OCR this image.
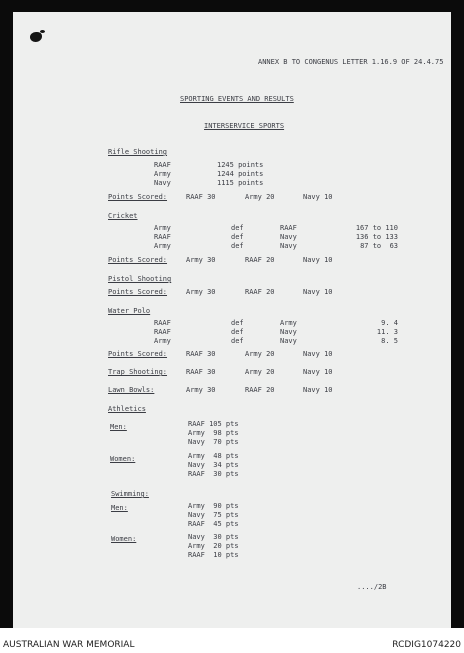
ANNEX B TO CONGENUS LETTER 1.16.9 OF 24.4.75
SPORTING EVENTS AND RESULTS
INTERSERVICE SPORTS
Rifle Shooting
RAAF	1245 points
Army	1244 points
Navy	1115 points
Points Scored:	RAAF 30	Army 20	Navy 10
Cricket
Army	def	RAAF	167 to 110
RAAF	def	Navy	136 to 133
Army	def	Navy	87 to  63
Points Scored:	Army 30	RAAF 20	Navy 10
Pistol Shooting
Points Scored:	Army 30	RAAF 20	Navy 10
Water Polo
RAAF	def	Army	9. 4
RAAF	def	Navy	11. 3
Army	def	Navy	8. 5
Points Scored:	RAAF 30	Army 20	Navy 10
Trap Shooting:	RAAF 30	Army 20	Navy 10
Lawn Bowls:	Army 30	RAAF 20	Navy 10
Athletics
Men:	RAAF 105 pts
Army  98 pts
Navy  70 pts
Women:	Army  48 pts
Navy  34 pts
RAAF  30 pts
Swimming:
Men:	Army  90 pts
Navy  75 pts
RAAF  45 pts
Women:	Navy  30 pts
Army  20 pts
RAAF  10 pts
..../2B
AUSTRALIAN WAR MEMORIAL	RCDIG1074220
